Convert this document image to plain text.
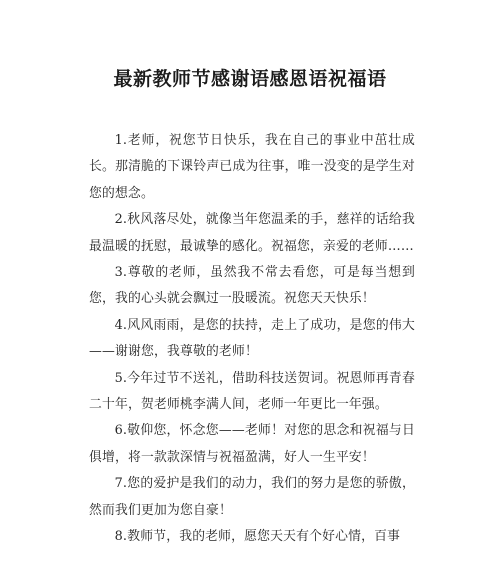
最新教师节感谢语感恩语祝福语

1.老师，祝您节日快乐，我在自己的事业中茁壮成长。那清脆的下课铃声已成为往事，唯一没变的是学生对您的想念。

2.秋风落尽处，就像当年您温柔的手，慈祥的话给我最温暖的抚慰，最诚挚的感化。祝福您，亲爱的老师……

3.尊敬的老师，虽然我不常去看您，可是每当想到您，我的心头就会飘过一股暖流。祝您天天快乐！

4.风风雨雨，是您的扶持，走上了成功，是您的伟大——谢谢您，我尊敬的老师！

5.今年过节不送礼，借助科技送贺词。祝恩师再青春二十年，贺老师桃李满人间，老师一年更比一年强。

6.敬仰您，怀念您——老师！对您的思念和祝福与日俱增，将一款款深情与祝福盈满，好人一生平安！

7.您的爱护是我们的动力，我们的努力是您的骄傲，然而我们更加为您自豪！

8.教师节，我的老师，愿您天天有个好心情，百事
